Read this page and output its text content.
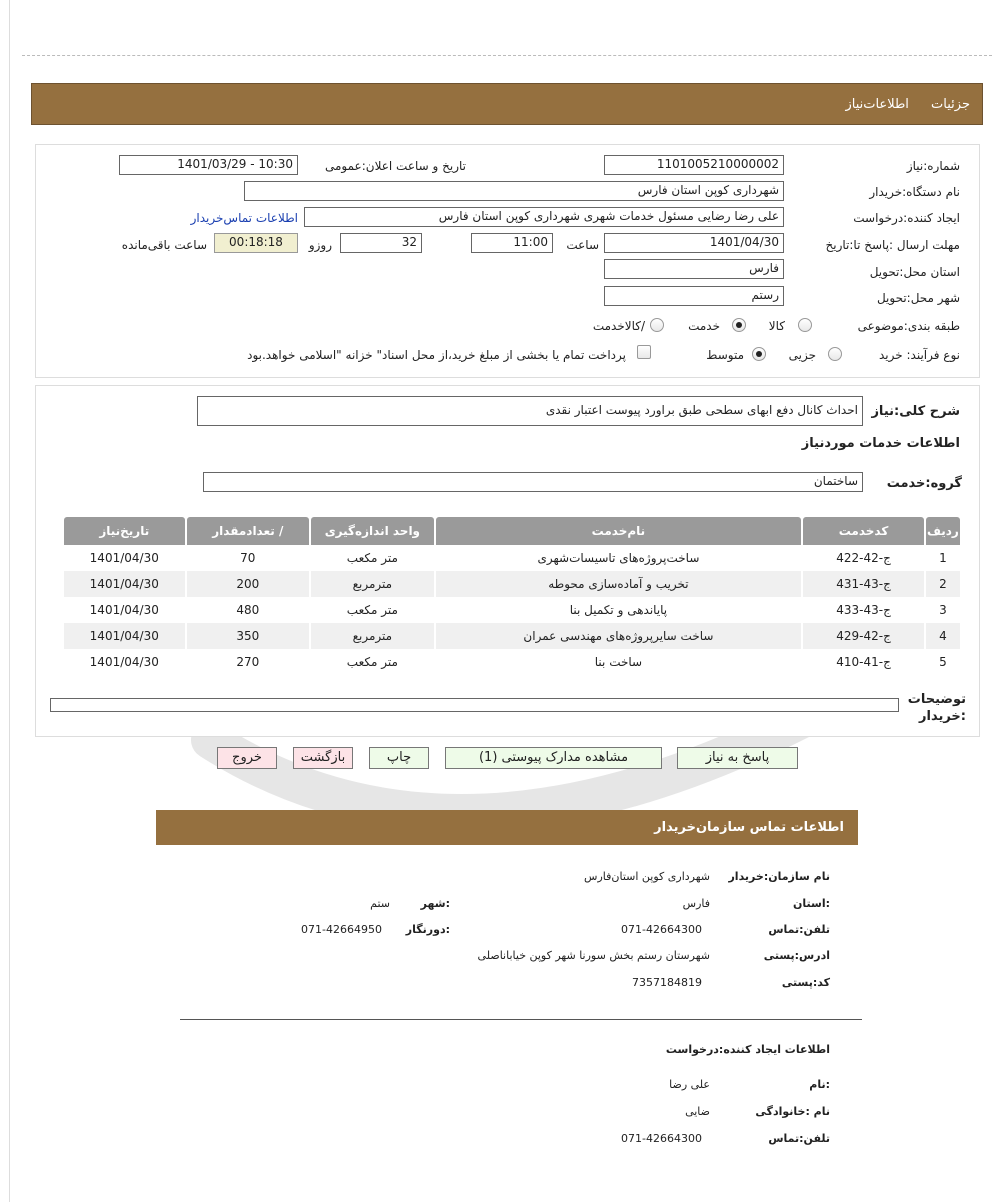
جزئیات اطلاعات‌نیاز
شماره:نیاز
1101005210000002
تاریخ و ساعت اعلان:عمومی
1401/03/29 - 10:30
نام دستگاه:خریدار
شهرداری کوپن استان فارس
ایجاد کننده:درخواست
علی رضا رضایی مسئول خدمات شهری شهرداری کوپن استان فارس
اطلاعات تماس‌خریدار
مهلت ارسال :پاسخ تا:تاریخ
1401/04/30
ساعت
11:00
32
روزو
00:18:18
ساعت باقی‌مانده
استان محل:تحویل
فارس
شهر محل:تحویل
رستم
طبقه بندی:موضوعی
کالا
خدمت
/کالاخدمت
نوع فرآیند: خرید
جزیی
متوسط
پرداخت تمام یا بخشی از مبلغ خرید،از محل اسناد" خزانه "اسلامی خواهد.بود
شرح کلی:نیاز
احداث کانال دفع ابهای سطحی طبق براورد پیوست اعتبار نقدی
اطلاعات خدمات موردنیاز
گروه:خدمت
ساختمان
تاریخ‌نیاز	/ تعدادمقدار	واحد اندازه‌گیری	نام‌خدمت	کدخدمت	ردیف
1401/04/30	70	متر مکعب	ساخت‌پروژه‌های تاسیسات‌شهری	ج-42-422	1
1401/04/30	200	مترمربع	تخریب و آماده‌سازی محوطه	ج-43-431	2
1401/04/30	480	متر مکعب	پایاندهی و تکمیل بنا	ج-43-433	3
1401/04/30	350	مترمربع	ساخت سایرپروژه‌های مهندسی عمران	ج-42-429	4
1401/04/30	270	متر مکعب	ساخت بنا	ج-41-410	5
توضیحات :خریدار
پاسخ به نیاز
مشاهده مدارک پیوستی (1)
چاپ
بازگشت
خروج
اطلاعات تماس سازمان‌خریدار
نام سازمان:خریدار
شهرداری کوپن استان‌فارس
:استان
فارس
:شهر
ستم
تلفن:تماس
071-42664300
:دورنگار
071-42664950
ادرس:پستی
شهرستان رستم بخش سورنا شهر کوپن خیاباناصلی
کد:پستی
7357184819
اطلاعات ایجاد کننده:درخواست
:نام
علی رضا
نام :خانوادگی
ضایی
تلفن:تماس
071-42664300
